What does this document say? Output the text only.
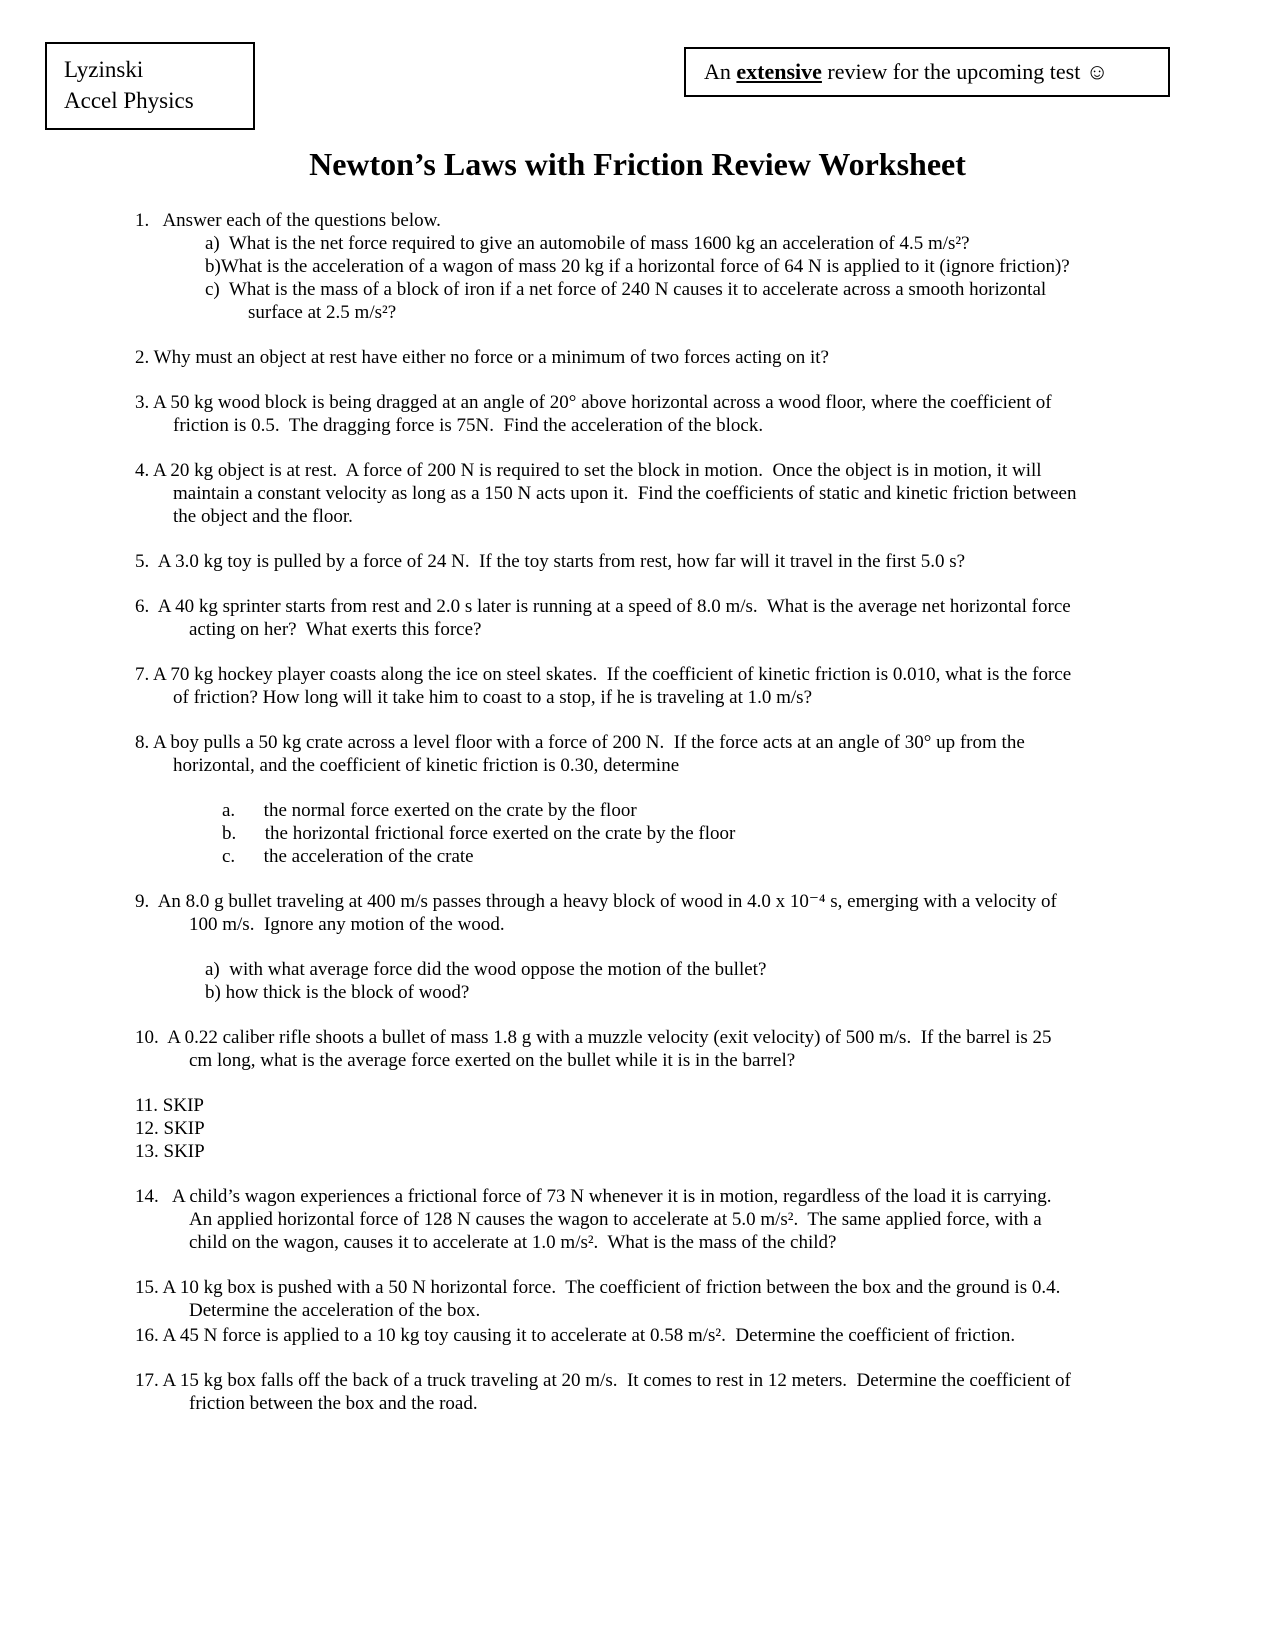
Lyzinski
Accel Physics
An extensive review for the upcoming test ☺
Newton’s Laws with Friction Review Worksheet
1.   Answer each of the questions below.
a)  What is the net force required to give an automobile of mass 1600 kg an acceleration of 4.5 m/s²?
b)What is the acceleration of a wagon of mass 20 kg if a horizontal force of 64 N is applied to it (ignore friction)?
c)  What is the mass of a block of iron if a net force of 240 N causes it to accelerate across a smooth horizontal
surface at 2.5 m/s²?
2. Why must an object at rest have either no force or a minimum of two forces acting on it?
3. A 50 kg wood block is being dragged at an angle of 20° above horizontal across a wood floor, where the coefficient of
friction is 0.5.  The dragging force is 75N.  Find the acceleration of the block.
4. A 20 kg object is at rest.  A force of 200 N is required to set the block in motion.  Once the object is in motion, it will
maintain a constant velocity as long as a 150 N acts upon it.  Find the coefficients of static and kinetic friction between
the object and the floor.
5.  A 3.0 kg toy is pulled by a force of 24 N.  If the toy starts from rest, how far will it travel in the first 5.0 s?
6.  A 40 kg sprinter starts from rest and 2.0 s later is running at a speed of 8.0 m/s.  What is the average net horizontal force
acting on her?  What exerts this force?
7. A 70 kg hockey player coasts along the ice on steel skates.  If the coefficient of kinetic friction is 0.010, what is the force
of friction? How long will it take him to coast to a stop, if he is traveling at 1.0 m/s?
8. A boy pulls a 50 kg crate across a level floor with a force of 200 N.  If the force acts at an angle of 30° up from the
horizontal, and the coefficient of kinetic friction is 0.30, determine
a.      the normal force exerted on the crate by the floor
b.      the horizontal frictional force exerted on the crate by the floor
c.      the acceleration of the crate
9.  An 8.0 g bullet traveling at 400 m/s passes through a heavy block of wood in 4.0 x 10⁻⁴ s, emerging with a velocity of
100 m/s.  Ignore any motion of the wood.
a)  with what average force did the wood oppose the motion of the bullet?
b) how thick is the block of wood?
10.  A 0.22 caliber rifle shoots a bullet of mass 1.8 g with a muzzle velocity (exit velocity) of 500 m/s.  If the barrel is 25
cm long, what is the average force exerted on the bullet while it is in the barrel?
11. SKIP
12. SKIP
13. SKIP
14.   A child’s wagon experiences a frictional force of 73 N whenever it is in motion, regardless of the load it is carrying.
An applied horizontal force of 128 N causes the wagon to accelerate at 5.0 m/s².  The same applied force, with a
child on the wagon, causes it to accelerate at 1.0 m/s².  What is the mass of the child?
15. A 10 kg box is pushed with a 50 N horizontal force.  The coefficient of friction between the box and the ground is 0.4.
Determine the acceleration of the box.
16. A 45 N force is applied to a 10 kg toy causing it to accelerate at 0.58 m/s².  Determine the coefficient of friction.
17. A 15 kg box falls off the back of a truck traveling at 20 m/s.  It comes to rest in 12 meters.  Determine the coefficient of
friction between the box and the road.
